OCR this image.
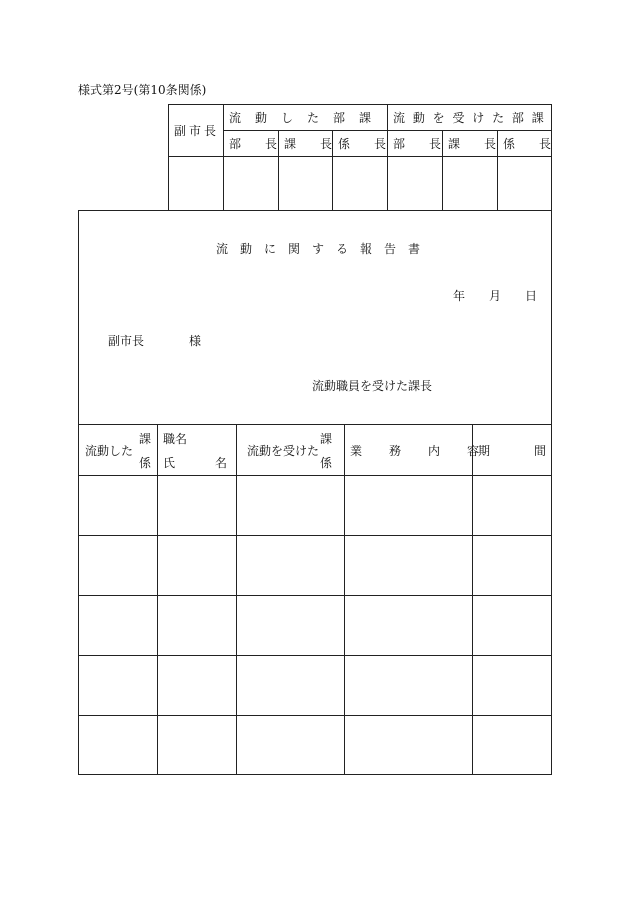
様式第2号(第10条関係)
副市長
流　動　し　た　部　課 流 動 を 受 け た 部 課
部　　長 課　　長 係　　長 部　　長 課　　長 係　　長
流　動　に　関　す　る　報　告　書
年　　月　　日
副市長	様
流動職員を受けた課長
流動した
課
係
職名
氏　　　名
流動を受けた
課
係
業　　務　　内　　容
期	間
